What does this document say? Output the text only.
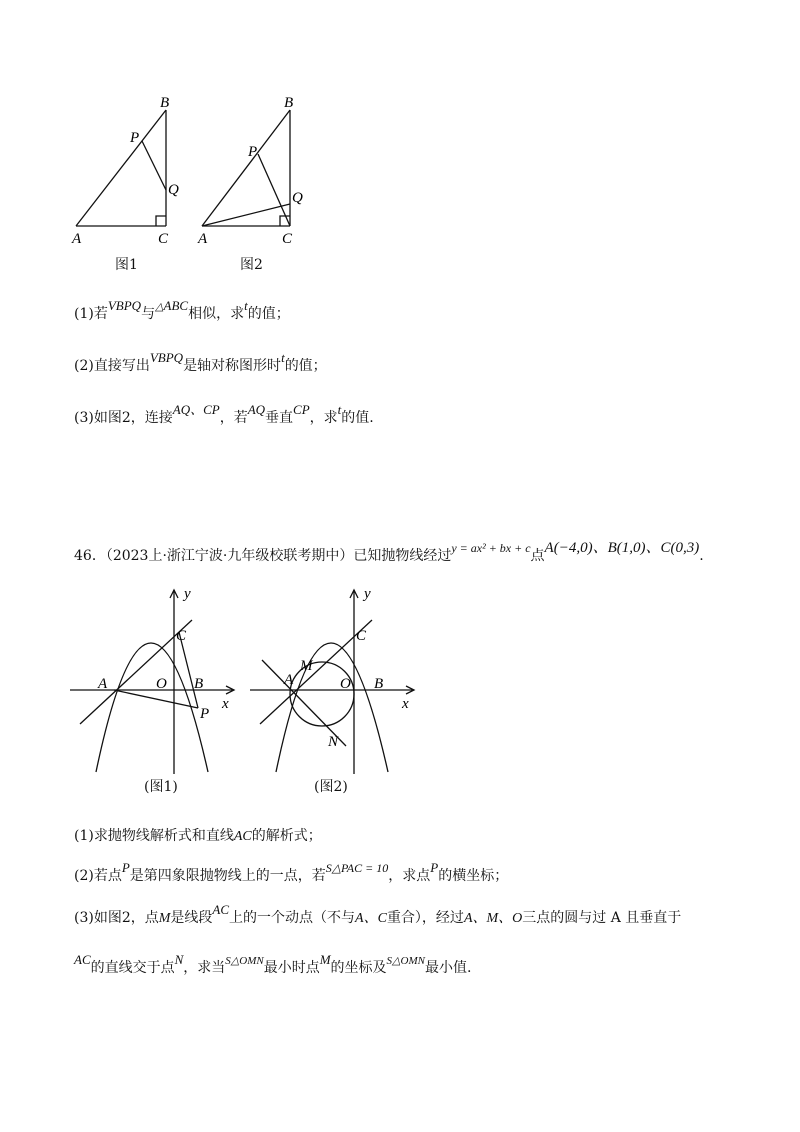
B
P
Q
A	C
图1
B
P
Q
A	C
图2
(1)若VBPQ与△ABC相似，求t的值；
(2)直接写出VBPQ是轴对称图形时t的值；
(3)如图2，连接AQ、CP，若AQ垂直CP，求t的值.
46．（2023上·浙江宁波·九年级校联考期中）已知抛物线经过y = ax² + bx + c点A(−4,0)、B(1,0)、C(0,3).
y
C
A	O B
x
P
(图1)
y
C
M
A	O B
x
N
(图2)
(1)求抛物线解析式和直线AC的解析式；
(2)若点P是第四象限抛物线上的一点，若S△PAC = 10，求点P的横坐标；
(3)如图2，点M是线段AC上的一个动点（不与A、C重合），经过A、M、O三点的圆与过 A 且垂直于
AC的直线交于点N，求当$^{S\triangle OMN}$最小时点M的坐标及$^{S\triangle OMN}$最小值.
